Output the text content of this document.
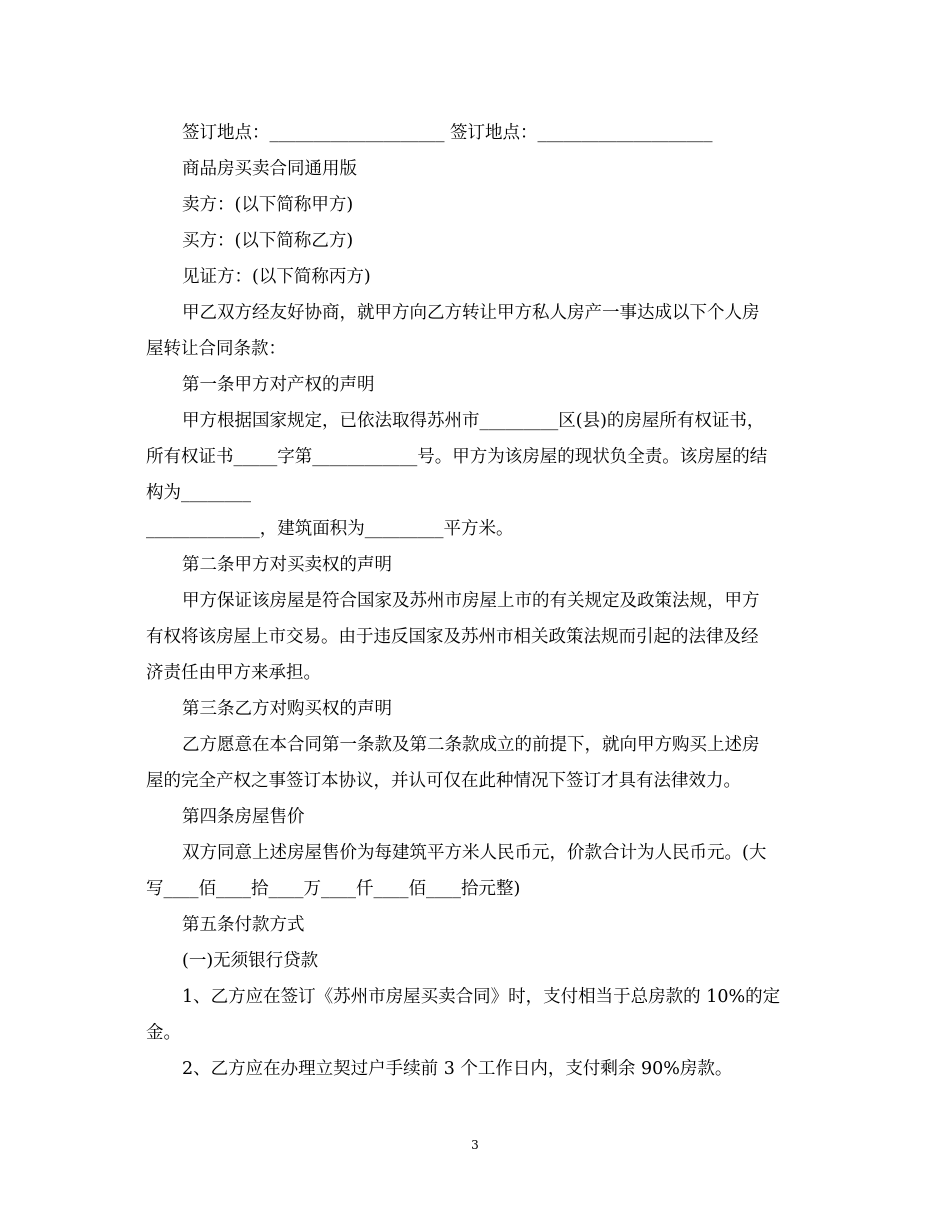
签订地点：____________________ 签订地点：____________________
商品房买卖合同通用版
卖方：(以下简称甲方)
买方：(以下简称乙方)
见证方：(以下简称丙方)
甲乙双方经友好协商，就甲方向乙方转让甲方私人房产一事达成以下个人房
屋转让合同条款：
第一条甲方对产权的声明
甲方根据国家规定，已依法取得苏州市_________区(县)的房屋所有权证书，
所有权证书_____字第____________号。甲方为该房屋的现状负全责。该房屋的结
构为________
_____________，建筑面积为_________平方米。
第二条甲方对买卖权的声明
甲方保证该房屋是符合国家及苏州市房屋上市的有关规定及政策法规，甲方
有权将该房屋上市交易。由于违反国家及苏州市相关政策法规而引起的法律及经
济责任由甲方来承担。
第三条乙方对购买权的声明
乙方愿意在本合同第一条款及第二条款成立的前提下，就向甲方购买上述房
屋的完全产权之事签订本协议，并认可仅在此种情况下签订才具有法律效力。
第四条房屋售价
双方同意上述房屋售价为每建筑平方米人民币元，价款合计为人民币元。(大
写____佰____拾____万____仟____佰____拾元整)
第五条付款方式
(一)无须银行贷款
1、乙方应在签订《苏州市房屋买卖合同》时，支付相当于总房款的 10%的定
金。
2、乙方应在办理立契过户手续前 3 个工作日内，支付剩余 90%房款。
3
